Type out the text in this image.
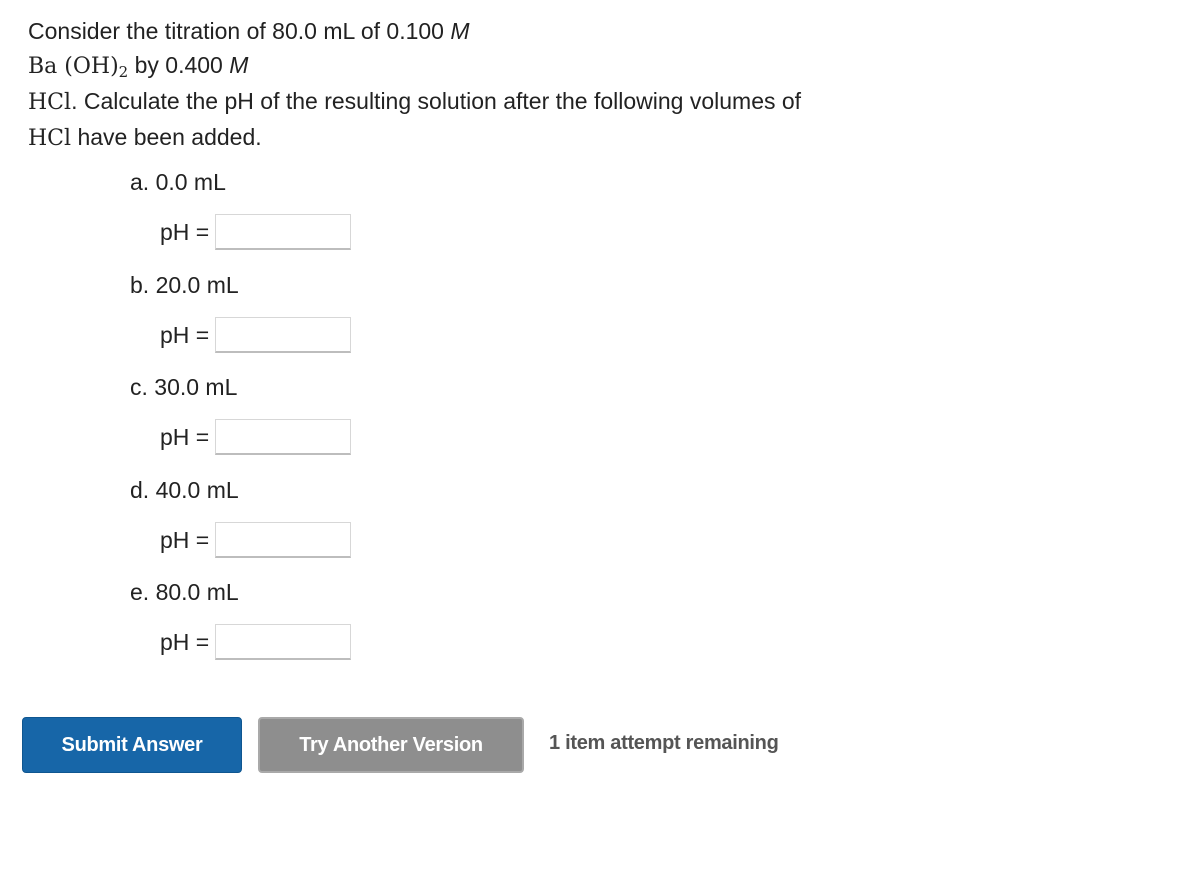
Consider the titration of 80.0 mL of 0.100 M
Ba $(OH)_2$ by 0.400 M
HCl. Calculate the pH of the resulting solution after the following volumes of
HCl have been added.
a. 0.0 mL
pH =
b. 20.0 mL
pH =
c. 30.0 mL
pH =
d. 40.0 mL
pH =
e. 80.0 mL
pH =
Submit Answer	Try Another Version	1 item attempt remaining
